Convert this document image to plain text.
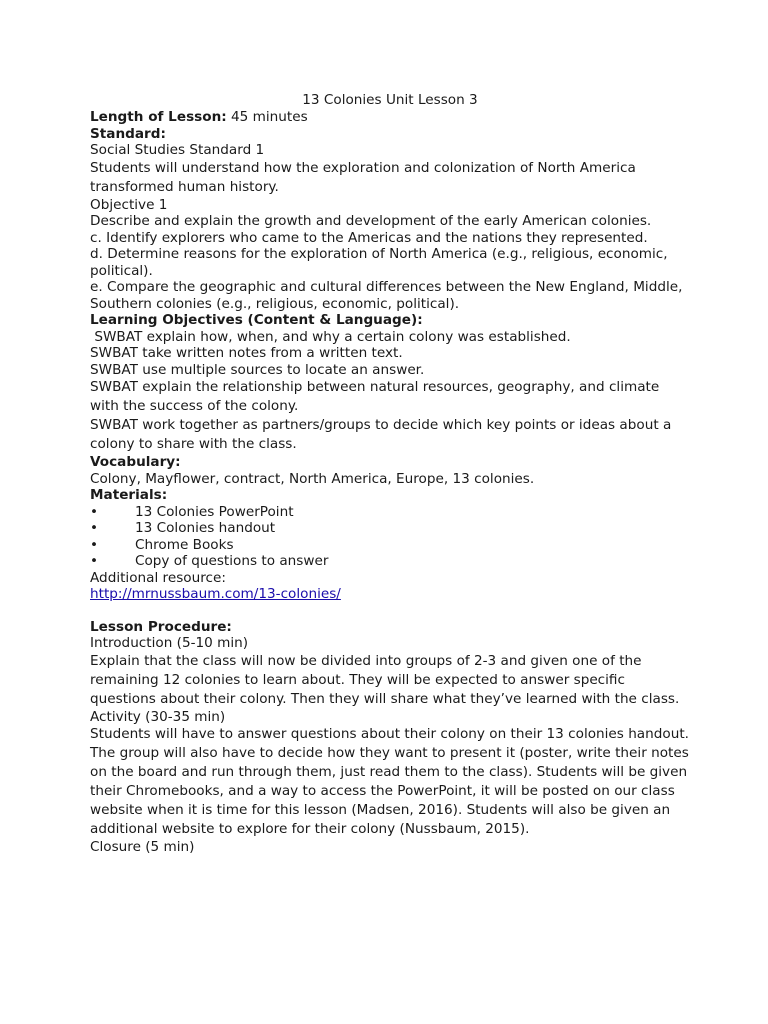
13 Colonies Unit Lesson 3
Length of Lesson: 45 minutes
Standard:
Social Studies Standard 1
Students will understand how the exploration and colonization of North America transformed human history.
Objective 1
Describe and explain the growth and development of the early American colonies.
c. Identify explorers who came to the Americas and the nations they represented.
d. Determine reasons for the exploration of North America (e.g., religious, economic, political).
e. Compare the geographic and cultural differences between the New England, Middle, Southern colonies (e.g., religious, economic, political).
Learning Objectives (Content & Language):
SWBAT explain how, when, and why a certain colony was established.
SWBAT take written notes from a written text.
SWBAT use multiple sources to locate an answer.
SWBAT explain the relationship between natural resources, geography, and climate with the success of the colony.
SWBAT work together as partners/groups to decide which key points or ideas about a colony to share with the class.
Vocabulary:
Colony, Mayflower, contract, North America, Europe, 13 colonies.
Materials:
•	13 Colonies PowerPoint
•	13 Colonies handout
•	Chrome Books
•	Copy of questions to answer
Additional resource:
http://mrnussbaum.com/13-colonies/
Lesson Procedure:
Introduction (5-10 min)
Explain that the class will now be divided into groups of 2-3 and given one of the remaining 12 colonies to learn about. They will be expected to answer specific questions about their colony. Then they will share what they’ve learned with the class.
Activity (30-35 min)
Students will have to answer questions about their colony on their 13 colonies handout. The group will also have to decide how they want to present it (poster, write their notes on the board and run through them, just read them to the class). Students will be given their Chromebooks, and a way to access the PowerPoint, it will be posted on our class website when it is time for this lesson (Madsen, 2016). Students will also be given an additional website to explore for their colony (Nussbaum, 2015).
Closure (5 min)
